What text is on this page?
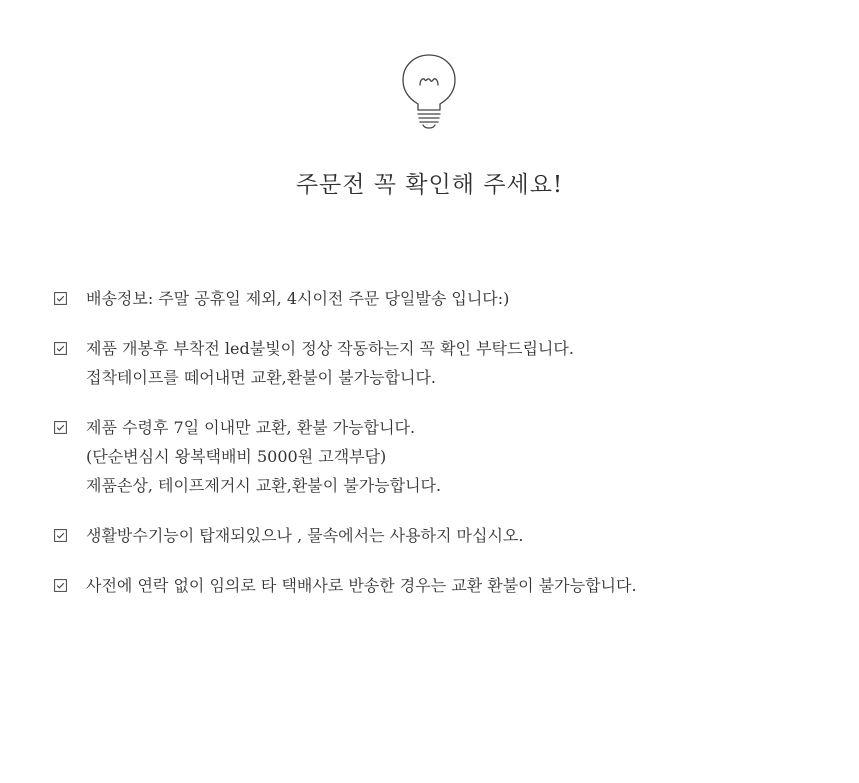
주문전 꼭 확인해 주세요!
배송정보: 주말 공휴일 제외, 4시이전 주문 당일발송 입니다:)
제품 개봉후 부착전 led불빛이 정상 작동하는지 꼭 확인 부탁드립니다.
접착테이프를 떼어내면 교환,환불이 불가능합니다.
제품 수령후 7일 이내만 교환, 환불 가능합니다.
(단순변심시 왕복택배비 5000원 고객부담)
제품손상, 테이프제거시 교환,환불이 불가능합니다.
생활방수기능이 탑재되있으나 , 물속에서는 사용하지 마십시오.
사전에 연락 없이 임의로 타 택배사로 반송한 경우는 교환 환불이 불가능합니다.
